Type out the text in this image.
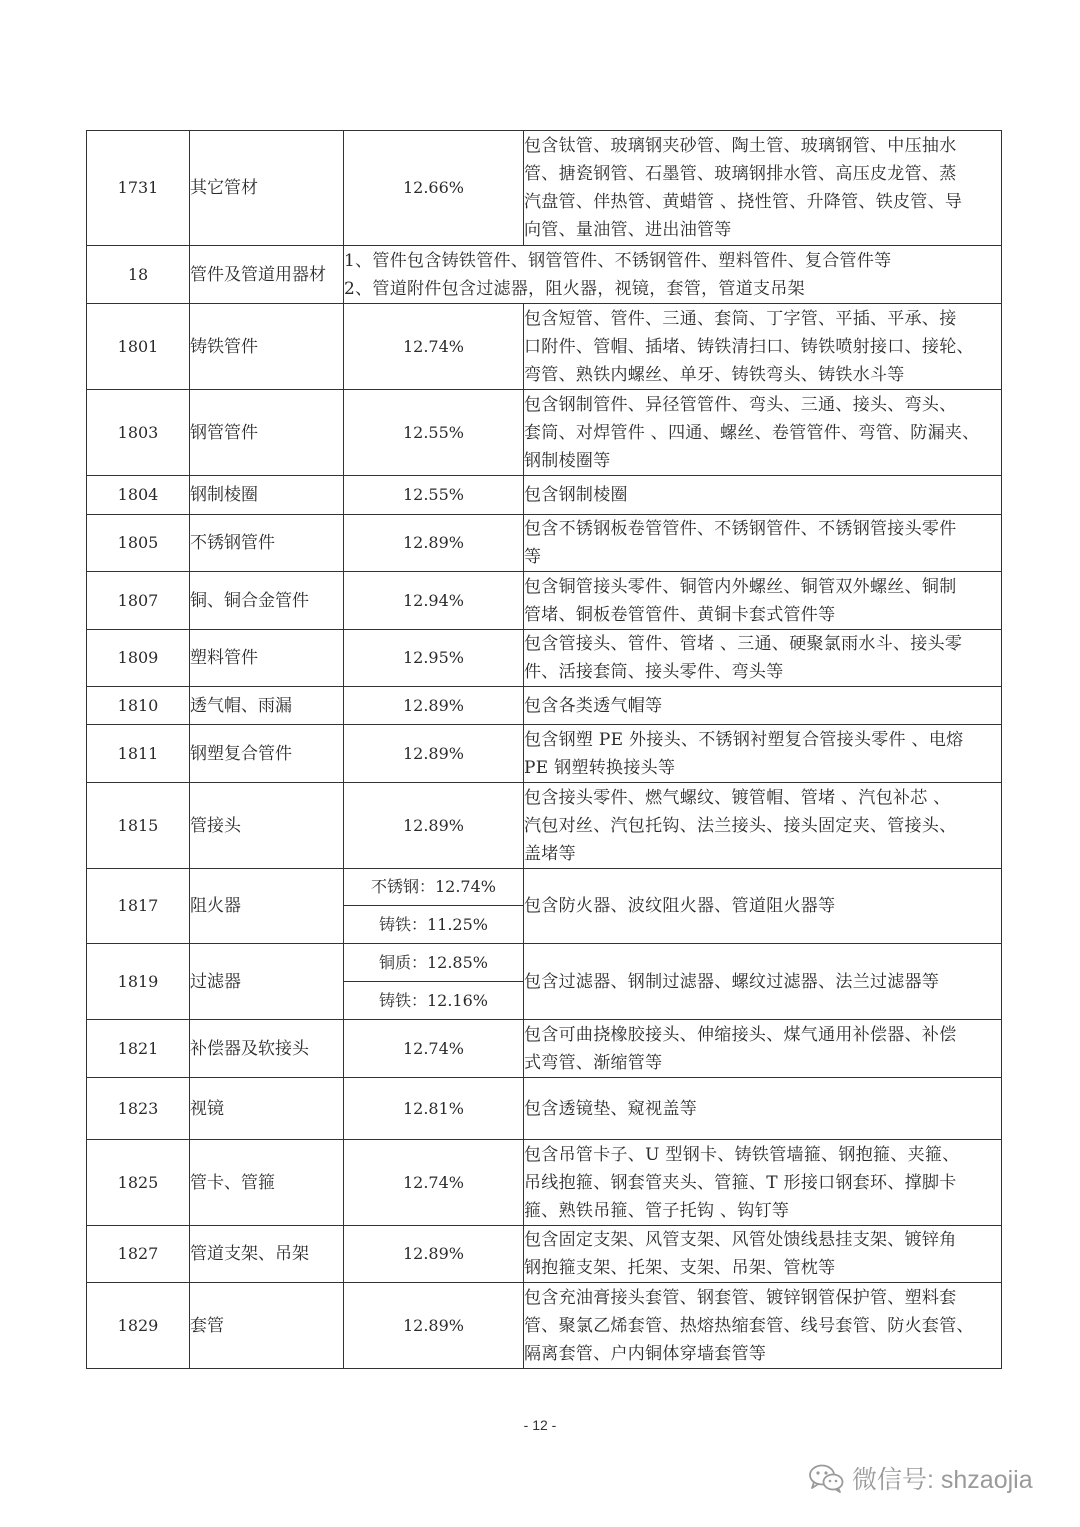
1731	其它管材	12.66%	包含钛管、玻璃钢夹砂管、陶土管、玻璃钢管、中压抽水
管、搪瓷钢管、石墨管、玻璃钢排水管、高压皮龙管、蒸
汽盘管、伴热管、黄蜡管 、挠性管、升降管、铁皮管、导
向管、量油管、进出油管等

18	管件及管道用器材	1、管件包含铸铁管件、钢管管件、不锈钢管件、塑料管件、复合管件等
2、管道附件包含过滤器，阻火器，视镜，套管，管道支吊架	

1801	铸铁管件	12.74%	包含短管、管件、三通、套筒、丁字管、平插、平承、接
口附件、管帽、插堵、铸铁清扫口、铸铁喷射接口、接轮、
弯管、熟铁内螺丝、单牙、铸铁弯头、铸铁水斗等

1803	钢管管件	12.55%	包含钢制管件、异径管管件、弯头、三通、接头、弯头、
套筒、对焊管件 、四通、螺丝、卷管管件、弯管、防漏夹、
钢制棱圈等

1804	钢制棱圈	12.55%	包含钢制棱圈

1805	不锈钢管件	12.89%	包含不锈钢板卷管管件、不锈钢管件、不锈钢管接头零件
等

1807	铜、铜合金管件	12.94%	包含铜管接头零件、铜管内外螺丝、铜管双外螺丝、铜制
管堵、铜板卷管管件、黄铜卡套式管件等

1809	塑料管件	12.95%	包含管接头、管件、管堵 、三通、硬聚氯雨水斗、接头零
件、活接套筒、接头零件、弯头等

1810	透气帽、雨漏	12.89%	包含各类透气帽等

1811	钢塑复合管件	12.89%	包含钢塑 PE 外接头、不锈钢衬塑复合管接头零件 、电熔
PE 钢塑转换接头等

1815	管接头	12.89%	包含接头零件、燃气螺纹、镀管帽、管堵 、汽包补芯 、
汽包对丝、汽包托钩、法兰接头、接头固定夹、管接头、
盖堵等

1817	阻火器	不锈钢：12.74%	包含防火器、波纹阻火器、管道阻火器等

		铸铁：11.25%	
1819	过滤器	铜质：12.85%	包含过滤器、钢制过滤器、螺纹过滤器、法兰过滤器等

		铸铁：12.16%	
1821	补偿器及软接头	12.74%	包含可曲挠橡胶接头、伸缩接头、煤气通用补偿器、补偿
式弯管、渐缩管等

1823	视镜	12.81%	包含透镜垫、窥视盖等

1825	管卡、管箍	12.74%	包含吊管卡子、U 型钢卡、铸铁管墙箍、钢抱箍、夹箍、
吊线抱箍、钢套管夹头、管箍、T 形接口钢套环、撑脚卡
箍、熟铁吊箍、管子托钩 、钩钉等

1827	管道支架、吊架	12.89%	包含固定支架、风管支架、风管处馈线悬挂支架、镀锌角
钢抱箍支架、托架、支架、吊架、管枕等

1829	套管	12.89%	包含充油膏接头套管、钢套管、镀锌钢管保护管、塑料套
管、聚氯乙烯套管、热熔热缩套管、线号套管、防火套管、
隔离套管、户内铜体穿墙套管等
- 12 -
微信号: shzaojia
